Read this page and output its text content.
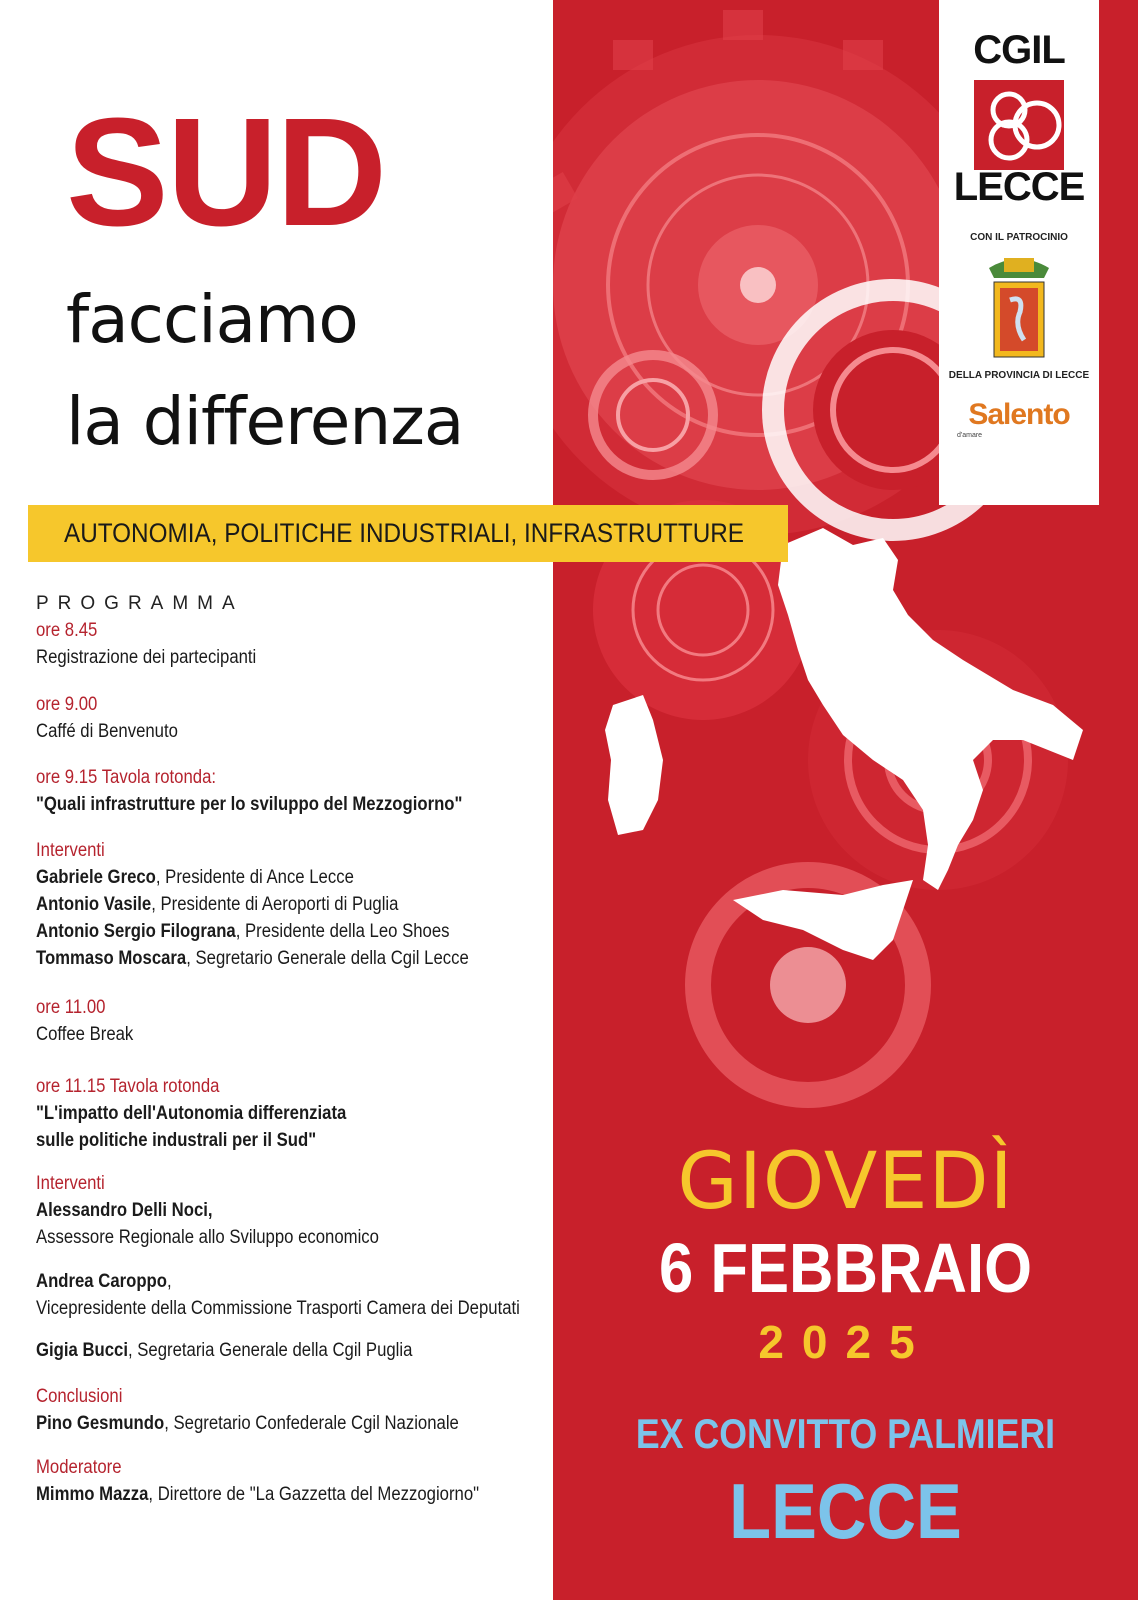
CGIL
LECCE
CON IL PATROCINIO
DELLA PROVINCIA DI LECCE
Salento
d'amare
SUD
facciamo
la differenza
AUTONOMIA, POLITICHE INDUSTRIALI, INFRASTRUTTURE
PROGRAMMA
ore 8.45
Registrazione dei partecipanti
ore 9.00
Caffé di Benvenuto
ore 9.15 Tavola rotonda:
"Quali infrastrutture per lo sviluppo del Mezzogiorno"
Interventi
Gabriele Greco, Presidente di Ance Lecce
Antonio Vasile, Presidente di Aeroporti di Puglia
Antonio Sergio Filograna, Presidente della Leo Shoes
Tommaso Moscara, Segretario Generale della Cgil Lecce
ore 11.00
Coffee Break
ore 11.15 Tavola rotonda
"L'impatto dell'Autonomia differenziata
sulle politiche industrali per il Sud"
Interventi
Alessandro Delli Noci,
Assessore Regionale allo Sviluppo economico
Andrea Caroppo,
Vicepresidente della Commissione Trasporti Camera dei Deputati
Gigia Bucci, Segretaria Generale della Cgil Puglia
Conclusioni
Pino Gesmundo, Segretario Confederale Cgil Nazionale
Moderatore
Mimmo Mazza, Direttore de "La Gazzetta del Mezzogiorno"
GIOVEDÌ
6 FEBBRAIO
2025
EX CONVITTO PALMIERI
LECCE
